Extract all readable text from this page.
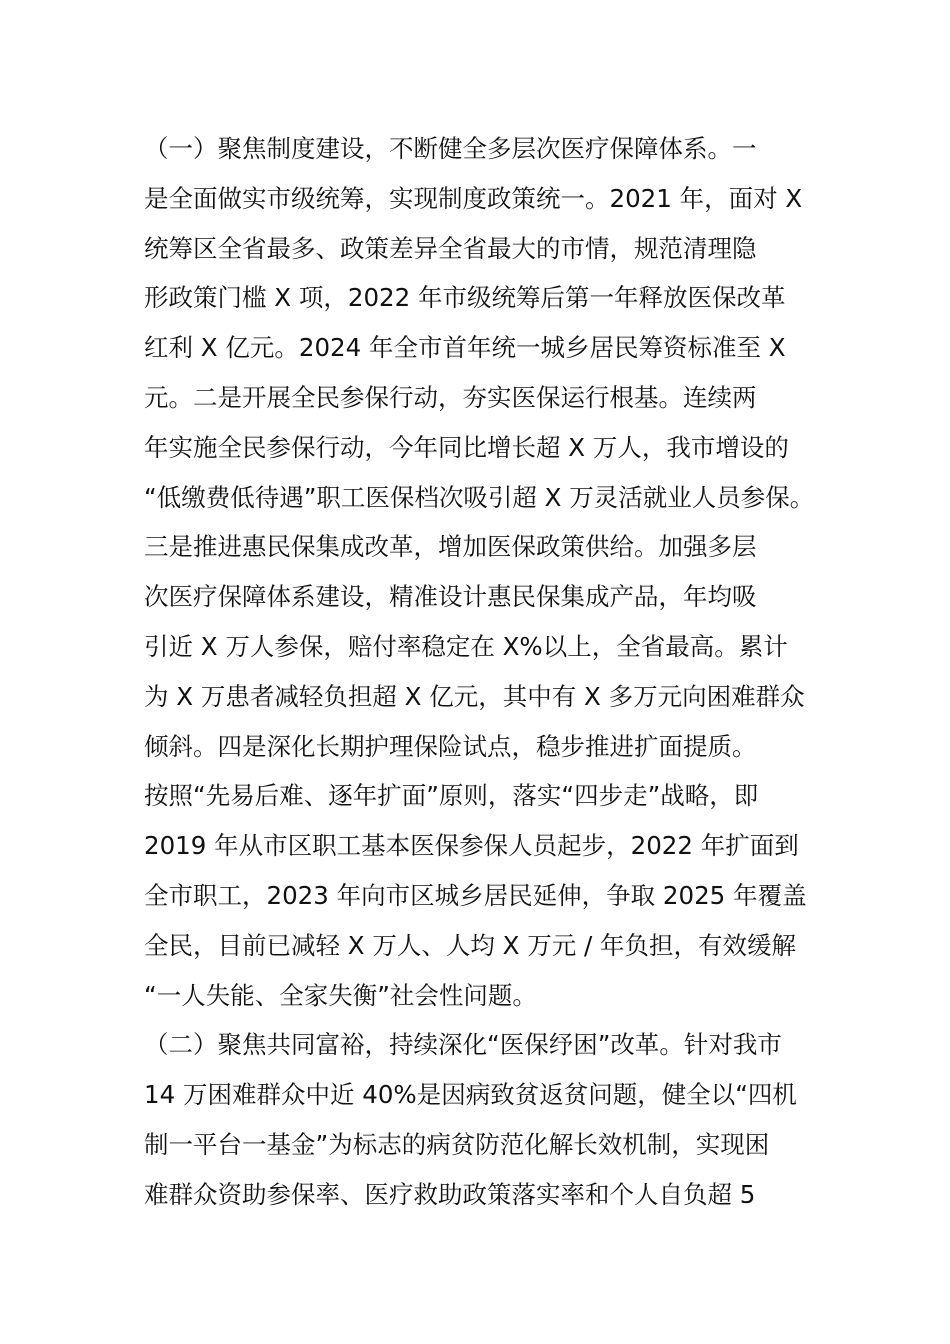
（一）聚焦制度建设，不断健全多层次医疗保障体系。一
是全面做实市级统筹，实现制度政策统一。2021 年，面对 X
统筹区全省最多、政策差异全省最大的市情，规范清理隐
形政策门槛 X 项，2022 年市级统筹后第一年释放医保改革
红利 X 亿元。2024 年全市首年统一城乡居民筹资标准至 X
元。二是开展全民参保行动，夯实医保运行根基。连续两
年实施全民参保行动，今年同比增长超 X 万人，我市增设的
“低缴费低待遇”职工医保档次吸引超 X 万灵活就业人员参保。
三是推进惠民保集成改革，增加医保政策供给。加强多层
次医疗保障体系建设，精准设计惠民保集成产品，年均吸
引近 X 万人参保，赔付率稳定在 X%以上，全省最高。累计
为 X 万患者减轻负担超 X 亿元，其中有 X 多万元向困难群众
倾斜。四是深化长期护理保险试点，稳步推进扩面提质。
按照“先易后难、逐年扩面”原则，落实“四步走”战略，即
2019 年从市区职工基本医保参保人员起步，2022 年扩面到
全市职工，2023 年向市区城乡居民延伸，争取 2025 年覆盖
全民，目前已减轻 X 万人、人均 X 万元 / 年负担，有效缓解
“一人失能、全家失衡”社会性问题。
（二）聚焦共同富裕，持续深化“医保纾困”改革。针对我市
14 万困难群众中近 40%是因病致贫返贫问题，健全以“四机
制一平台一基金”为标志的病贫防范化解长效机制，实现困
难群众资助参保率、医疗救助政策落实率和个人自负超 5
